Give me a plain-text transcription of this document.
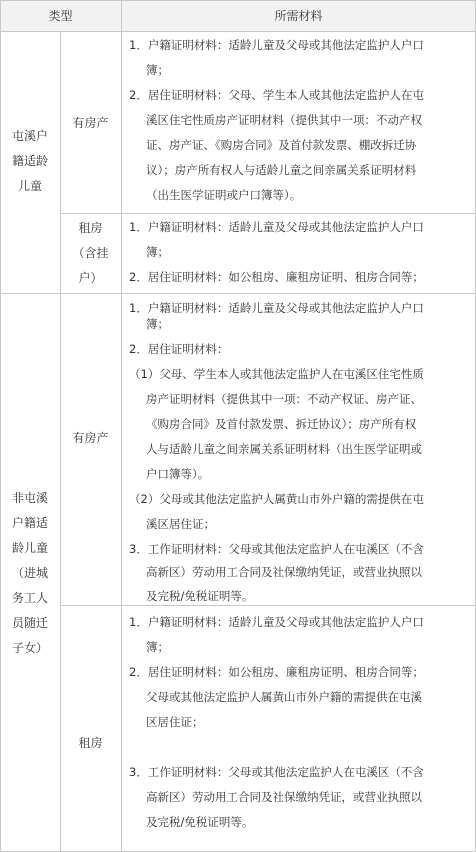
类型	所需材料
屯溪户
籍适龄
儿童
有房产
1．户籍证明材料：适龄儿童及父母或其他法定监护人户口
簿；
2．居住证明材料：父母、学生本人或其他法定监护人在屯
溪区住宅性质房产证明材料（提供其中一项：不动产权
证、房产证、《购房合同》及首付款发票、棚改拆迁协
议）；房产所有权人与适龄儿童之间亲属关系证明材料
（出生医学证明或户口簿等）。
租房
（含挂
户）
1．户籍证明材料：适龄儿童及父母或其他法定监护人户口
簿；
2．居住证明材料：如公租房、廉租房证明、租房合同等；
非屯溪
户籍适
龄儿童
（进城
务工人
员随迁
子女）
有房产
1．户籍证明材料：适龄儿童及父母或其他法定监护人户口
簿；
2．居住证明材料：
（1）父母、学生本人或其他法定监护人在屯溪区住宅性质
房产证明材料（提供其中一项：不动产权证、房产证、
《购房合同》及首付款发票、拆迁协议）；房产所有权
人与适龄儿童之间亲属关系证明材料（出生医学证明或
户口簿等）。
（2）父母或其他法定监护人属黄山市外户籍的需提供在屯
溪区居住证；
3．工作证明材料：父母或其他法定监护人在屯溪区（不含
高新区）劳动用工合同及社保缴纳凭证，或营业执照以
及完税/免税证明等。
租房
1．户籍证明材料：适龄儿童及父母或其他法定监护人户口
簿；
2．居住证明材料：如公租房、廉租房证明、租房合同等；
父母或其他法定监护人属黄山市外户籍的需提供在屯溪
区居住证；
3．工作证明材料：父母或其他法定监护人在屯溪区（不含
高新区）劳动用工合同及社保缴纳凭证，或营业执照以
及完税/免税证明等。
